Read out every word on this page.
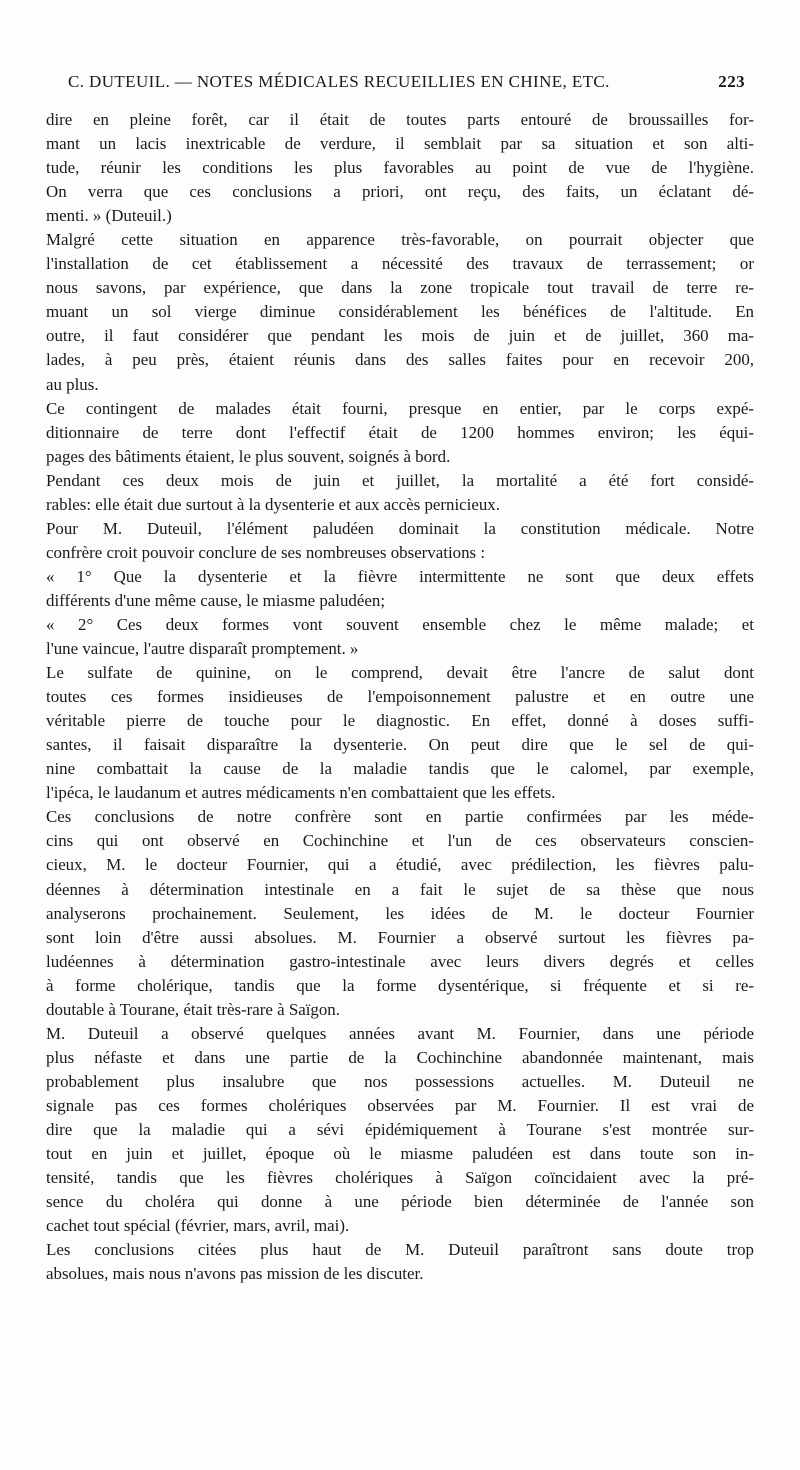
C. DUTEUIL. — NOTES MÉDICALES RECUEILLIES EN CHINE, ETC.	223
dire en pleine forêt, car il était de toutes parts entouré de broussailles for-
mant un lacis inextricable de verdure, il semblait par sa situation et son alti-
tude, réunir les conditions les plus favorables au point de vue de l'hygiène.
On verra que ces conclusions a priori, ont reçu, des faits, un éclatant dé-
menti. » (Duteuil.)
Malgré cette situation en apparence très-favorable, on pourrait objecter que
l'installation de cet établissement a nécessité des travaux de terrassement; or
nous savons, par expérience, que dans la zone tropicale tout travail de terre re-
muant un sol vierge diminue considérablement les bénéfices de l'altitude. En
outre, il faut considérer que pendant les mois de juin et de juillet, 360 ma-
lades, à peu près, étaient réunis dans des salles faites pour en recevoir 200,
au plus.
Ce contingent de malades était fourni, presque en entier, par le corps expé-
ditionnaire de terre dont l'effectif était de 1200 hommes environ; les équi-
pages des bâtiments étaient, le plus souvent, soignés à bord.
Pendant ces deux mois de juin et juillet, la mortalité a été fort considé-
rables: elle était due surtout à la dysenterie et aux accès pernicieux.
Pour M. Duteuil, l'élément paludéen dominait la constitution médicale. Notre
confrère croit pouvoir conclure de ses nombreuses observations :
« 1° Que la dysenterie et la fièvre intermittente ne sont que deux effets
différents d'une même cause, le miasme paludéen;
« 2° Ces deux formes vont souvent ensemble chez le même malade; et
l'une vaincue, l'autre disparaît promptement. »
Le sulfate de quinine, on le comprend, devait être l'ancre de salut dont
toutes ces formes insidieuses de l'empoisonnement palustre et en outre une
véritable pierre de touche pour le diagnostic. En effet, donné à doses suffi-
santes, il faisait disparaître la dysenterie. On peut dire que le sel de qui-
nine combattait la cause de la maladie tandis que le calomel, par exemple,
l'ipéca, le laudanum et autres médicaments n'en combattaient que les effets.
Ces conclusions de notre confrère sont en partie confirmées par les méde-
cins qui ont observé en Cochinchine et l'un de ces observateurs conscien-
cieux, M. le docteur Fournier, qui a étudié, avec prédilection, les fièvres palu-
déennes à détermination intestinale en a fait le sujet de sa thèse que nous
analyserons prochainement. Seulement, les idées de M. le docteur Fournier
sont loin d'être aussi absolues. M. Fournier a observé surtout les fièvres pa-
ludéennes à détermination gastro-intestinale avec leurs divers degrés et celles
à forme cholérique, tandis que la forme dysentérique, si fréquente et si re-
doutable à Tourane, était très-rare à Saïgon.
M. Duteuil a observé quelques années avant M. Fournier, dans une période
plus néfaste et dans une partie de la Cochinchine abandonnée maintenant, mais
probablement plus insalubre que nos possessions actuelles. M. Duteuil ne
signale pas ces formes cholériques observées par M. Fournier. Il est vrai de
dire que la maladie qui a sévi épidémiquement à Tourane s'est montrée sur-
tout en juin et juillet, époque où le miasme paludéen est dans toute son in-
tensité, tandis que les fièvres cholériques à Saïgon coïncidaient avec la pré-
sence du choléra qui donne à une période bien déterminée de l'année son
cachet tout spécial (février, mars, avril, mai).
Les conclusions citées plus haut de M. Duteuil paraîtront sans doute trop
absolues, mais nous n'avons pas mission de les discuter.
